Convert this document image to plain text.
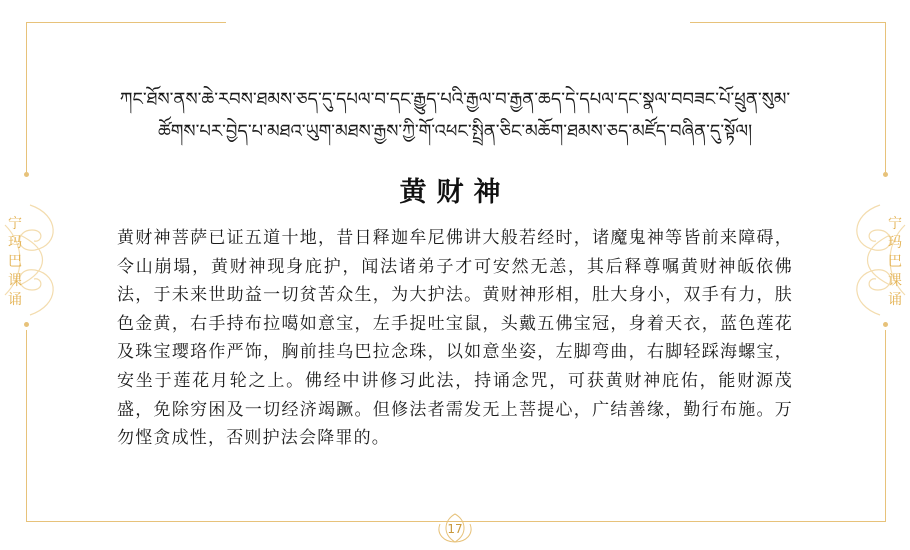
宁
玛
巴
课
诵
宁
玛
巴
课
诵
ཀང་ཐོས་ནས་ཆེ་རབས་ཐམས་ཅད་དུ་དཔལ་བ་དང་རྒྱུད་པའི་རྒྱལ་བ་རྒྱན་ཆད་དེ་དཔལ་དང་སྣལ་བབཟང་པོ་ཕྲུན་སུམ་
ཚོགས་པར་བྱེད་པ་མཐའ་ཡུག་མཐས་རྒྱས་ཀྱི་གོ་འཕང་སྤྲིན་ཅིང་མཆོག་ཐམས་ཅད་མཛོད་བཞིན་དུ་སྟོལ།
黄财神
黄财神菩萨已证五道十地，昔日释迦牟尼佛讲大般若经时，诸魔鬼神等皆前来障碍，令山崩塌，黄财神现身庇护，闻法诸弟子才可安然无恙，其后释尊嘱黄财神皈依佛法，于未来世助益一切贫苦众生，为大护法。黄财神形相，肚大身小，双手有力，肤色金黄，右手持布拉噶如意宝，左手捉吐宝鼠，头戴五佛宝冠，身着天衣，蓝色莲花及珠宝璎珞作严饰，胸前挂乌巴拉念珠，以如意坐姿，左脚弯曲，右脚轻踩海螺宝，安坐于莲花月轮之上。佛经中讲修习此法，持诵念咒，可获黄财神庇佑，能财源茂盛，免除穷困及一切经济竭蹶。但修法者需发无上菩提心，广结善缘，勤行布施。万勿悭贪成性，否则护法会降罪的。
17
